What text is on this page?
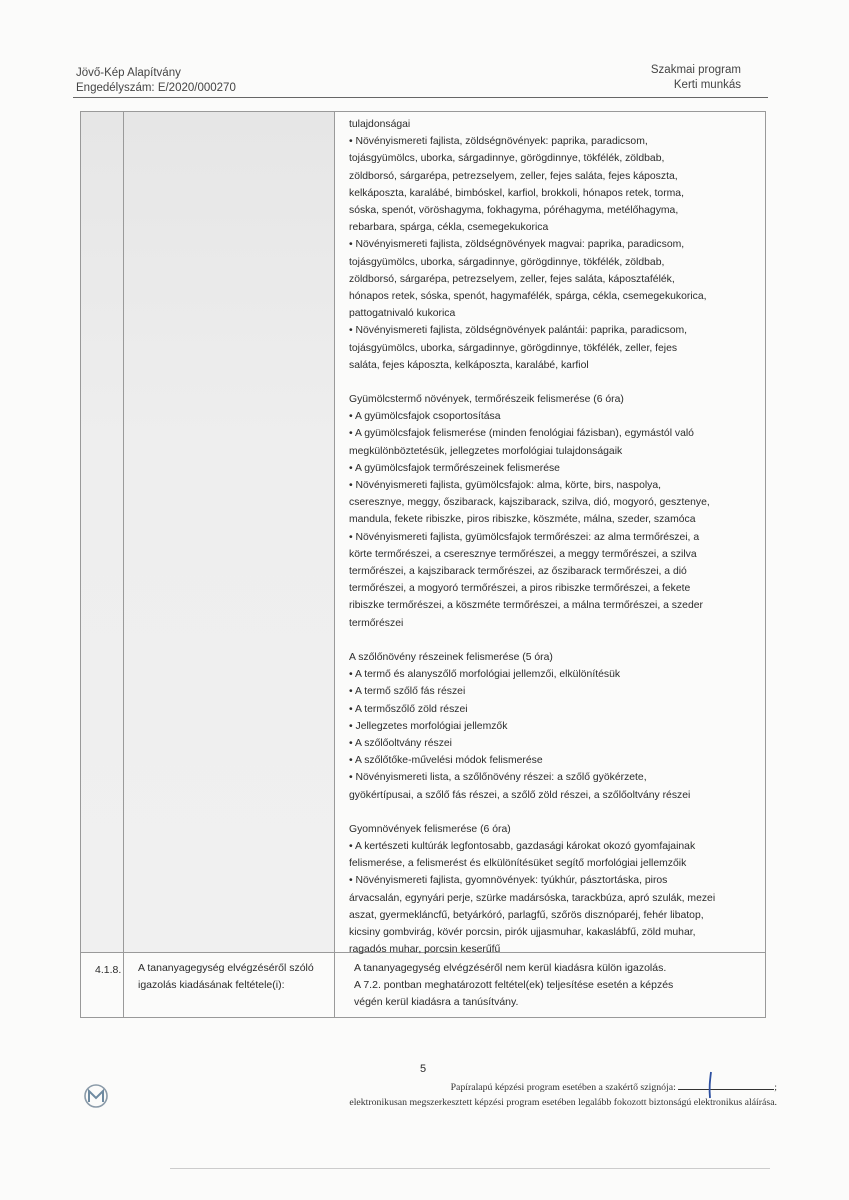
Jövő-Kép Alapítvány
Engedélyszám: E/2020/000270
Szakmai program
Kerti munkás

tulajdonságai

• Növényismereti fajlista, zöldségnövények: paprika, paradicsom,

tojásgyümölcs, uborka, sárgadinnye, görögdinnye, tökfélék, zöldbab,

zöldborsó, sárgarépa, petrezselyem, zeller, fejes saláta, fejes káposzta,

kelkáposzta, karalábé, bimbóskel, karfiol, brokkoli, hónapos retek, torma,

sóska, spenót, vöröshagyma, fokhagyma, póréhagyma, metélőhagyma,

rebarbara, spárga, cékla, csemegekukorica

• Növényismereti fajlista, zöldségnövények magvai: paprika, paradicsom,

tojásgyümölcs, uborka, sárgadinnye, görögdinnye, tökfélék, zöldbab,

zöldborsó, sárgarépa, petrezselyem, zeller, fejes saláta, káposztafélék,

hónapos retek, sóska, spenót, hagymafélék, spárga, cékla, csemegekukorica,

pattogatnivaló kukorica

• Növényismereti fajlista, zöldségnövények palántái: paprika, paradicsom,

tojásgyümölcs, uborka, sárgadinnye, görögdinnye, tökfélék, zeller, fejes

saláta, fejes káposzta, kelkáposzta, karalábé, karfiol

Gyümölcstermő növények, termőrészeik felismerése (6 óra)

• A gyümölcsfajok csoportosítása

• A gyümölcsfajok felismerése (minden fenológiai fázisban), egymástól való

megkülönböztetésük, jellegzetes morfológiai tulajdonságaik

• A gyümölcsfajok termőrészeinek felismerése

• Növényismereti fajlista, gyümölcsfajok: alma, körte, birs, naspolya,

cseresznye, meggy, őszibarack, kajszibarack, szilva, dió, mogyoró, gesztenye,

mandula, fekete ribiszke, piros ribiszke, köszméte, málna, szeder, szamóca

• Növényismereti fajlista, gyümölcsfajok termőrészei: az alma termőrészei, a

körte termőrészei, a cseresznye termőrészei, a meggy termőrészei, a szilva

termőrészei, a kajszibarack termőrészei, az őszibarack termőrészei, a dió

termőrészei, a mogyoró termőrészei, a piros ribiszke termőrészei, a fekete

ribiszke termőrészei, a köszméte termőrészei, a málna termőrészei, a szeder

termőrészei

A szőlőnövény részeinek felismerése (5 óra)

• A termő és alanyszőlő morfológiai jellemzői, elkülönítésük

• A termő szőlő fás részei

• A termőszőlő zöld részei

• Jellegzetes morfológiai jellemzők

• A szőlőoltvány részei

• A szőlőtőke-művelési módok felismerése

• Növényismereti lista, a szőlőnövény részei: a szőlő gyökérzete,

gyökértípusai, a szőlő fás részei, a szőlő zöld részei, a szőlőoltvány részei

Gyomnövények felismerése (6 óra)

• A kertészeti kultúrák legfontosabb, gazdasági károkat okozó gyomfajainak

felismerése, a felismerést és elkülönítésüket segítő morfológiai jellemzőik

• Növényismereti fajlista, gyomnövények: tyúkhúr, pásztortáska, piros

árvacsalán, egynyári perje, szürke madársóska, tarackbúza, apró szulák, mezei

aszat, gyermekláncfű, betyárkóró, parlagfű, szőrös disznóparéj, fehér libatop,

kicsiny gombvirág, kövér porcsin, pirók ujjasmuhar, kakaslábfű, zöld muhar,

ragadós muhar, porcsin keserűfű

4.1.8. A tananyagegység elvégzéséről szóló
igazolás kiadásának feltétele(i):
A tananyagegység elvégzéséről nem kerül kiadásra külön igazolás.
A 7.2. pontban meghatározott feltétel(ek) teljesítése esetén a képzés
végén kerül kiadásra a tanúsítvány.
5
Papíralapú képzési program esetében a szakértő szignója:	;
elektronikusan megszerkesztett képzési program esetében legalább fokozott biztonságú elektronikus aláírása.
